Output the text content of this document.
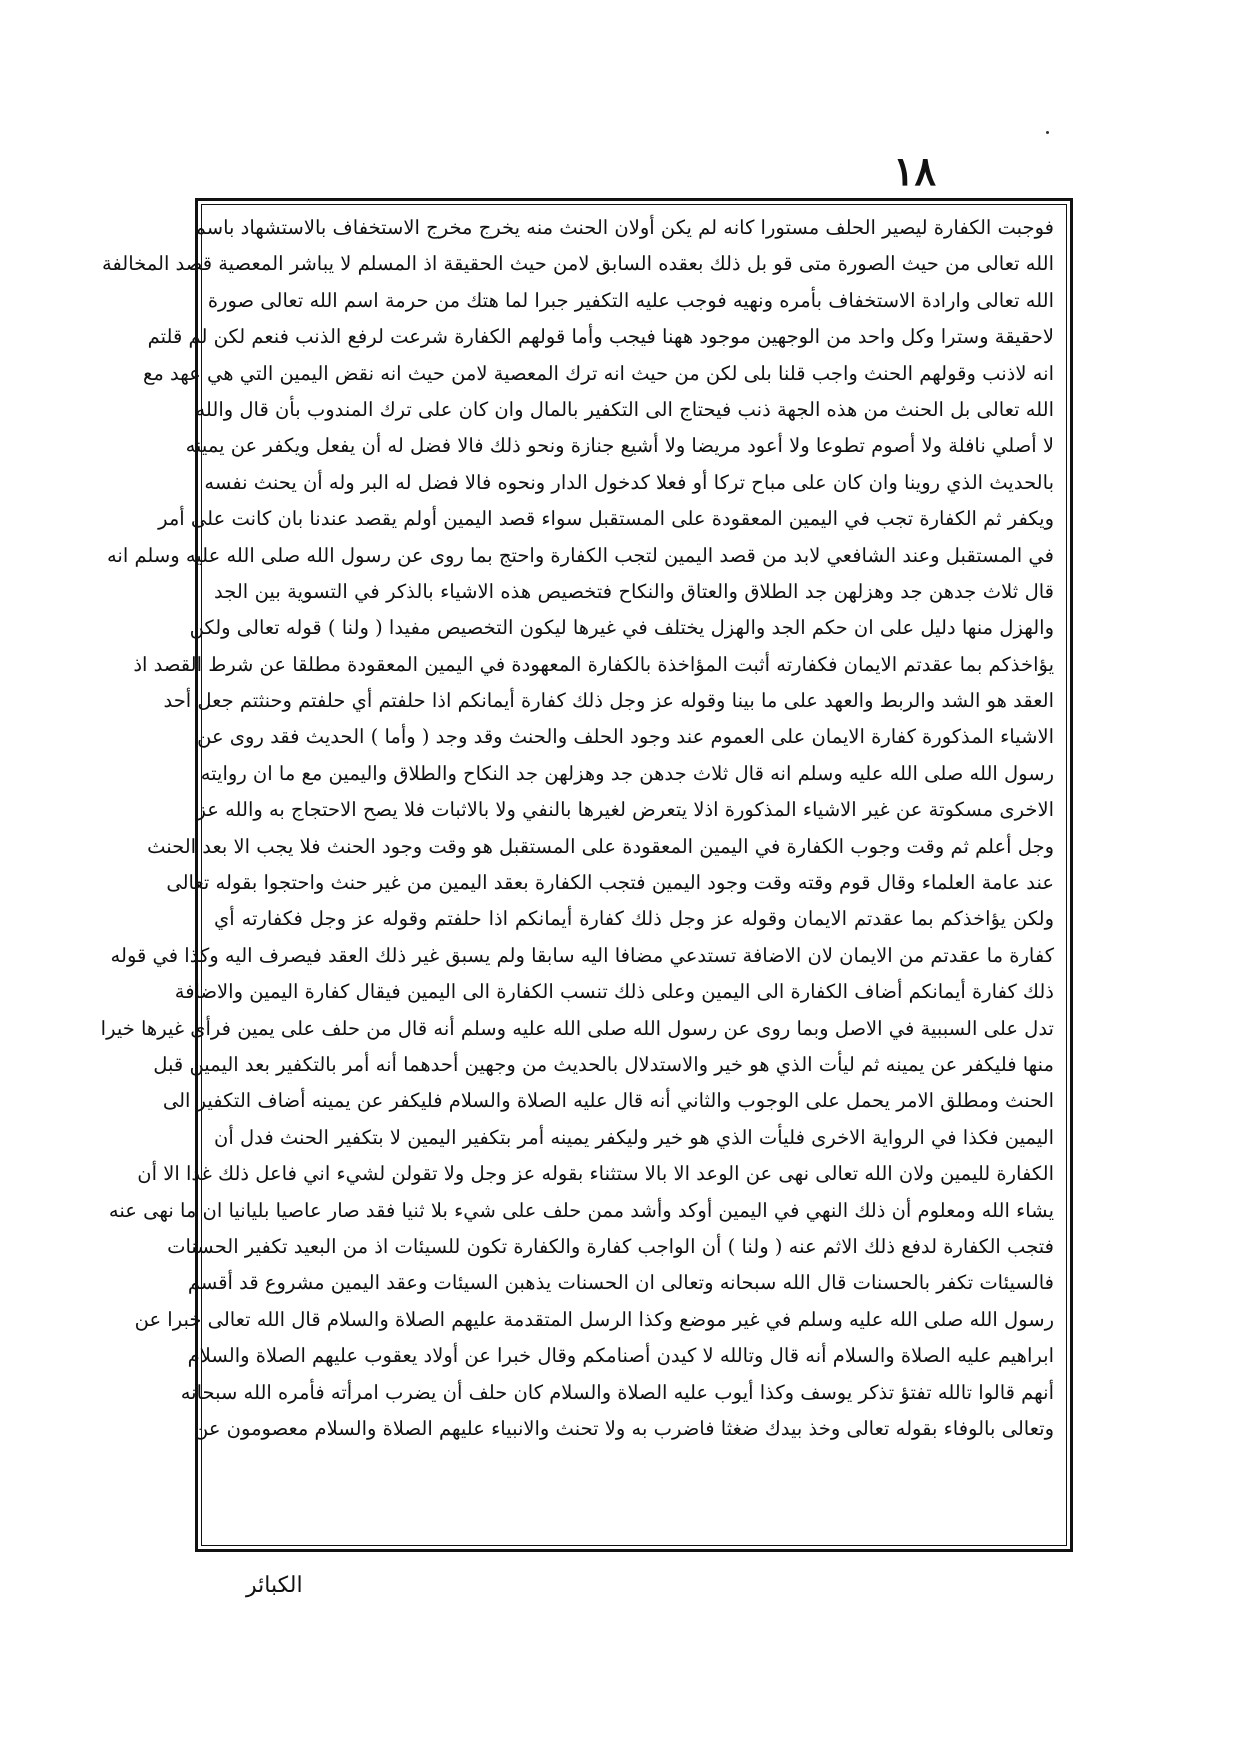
١٨
فوجبت الكفارة ليصير الحلف مستورا كانه لم يكن أولان الحنث منه يخرج مخرج الاستخفاف بالاستشهاد باسم
الله تعالى من حيث الصورة متى قو بل ذلك بعقده السابق لامن حيث الحقيقة اذ المسلم لا يباشر المعصية قصد المخالفة
الله تعالى وارادة الاستخفاف بأمره ونهيه فوجب عليه التكفير جبرا لما هتك من حرمة اسم الله تعالى صورة
لاحقيقة وسترا وكل واحد من الوجهين موجود ههنا فيجب وأما قولهم الكفارة شرعت لرفع الذنب فنعم لكن لم قلتم
انه لاذنب وقولهم الحنث واجب قلنا بلى لكن من حيث انه ترك المعصية لامن حيث انه نقض اليمين التي هي عهد مع
الله تعالى بل الحنث من هذه الجهة ذنب فيحتاج الى التكفير بالمال وان كان على ترك المندوب بأن قال والله
لا أصلي نافلة ولا أصوم تطوعا ولا أعود مريضا ولا أشيع جنازة ونحو ذلك فالا فضل له أن يفعل ويكفر عن يمينه
بالحديث الذي روينا وان كان على مباح تركا أو فعلا كدخول الدار ونحوه فالا فضل له البر وله أن يحنث نفسه
ويكفر ثم الكفارة تجب في اليمين المعقودة على المستقبل سواء قصد اليمين أولم يقصد عندنا بان كانت على أمر
في المستقبل وعند الشافعي لابد من قصد اليمين لتجب الكفارة واحتج بما روى عن رسول الله صلى الله عليه وسلم انه
قال ثلاث جدهن جد وهزلهن جد الطلاق والعتاق والنكاح فتخصيص هذه الاشياء بالذكر في التسوية بين الجد
والهزل منها دليل على ان حكم الجد والهزل يختلف في غيرها ليكون التخصيص مفيدا ( ولنا ) قوله تعالى ولكن
يؤاخذكم بما عقدتم الايمان فكفارته أثبت المؤاخذة بالكفارة المعهودة في اليمين المعقودة مطلقا عن شرط القصد اذ
العقد هو الشد والربط والعهد على ما بينا وقوله عز وجل ذلك كفارة أيمانكم اذا حلفتم أي حلفتم وحنثتم جعل أحد
الاشياء المذكورة كفارة الايمان على العموم عند وجود الحلف والحنث وقد وجد ( وأما ) الحديث فقد روى عن
رسول الله صلى الله عليه وسلم انه قال ثلاث جدهن جد وهزلهن جد النكاح والطلاق واليمين مع ما ان روايته
الاخرى مسكوتة عن غير الاشياء المذكورة اذلا يتعرض لغيرها بالنفي ولا بالاثبات فلا يصح الاحتجاج به والله عز
وجل أعلم ثم وقت وجوب الكفارة في اليمين المعقودة على المستقبل هو وقت وجود الحنث فلا يجب الا بعد الحنث
عند عامة العلماء وقال قوم وقته وقت وجود اليمين فتجب الكفارة بعقد اليمين من غير حنث واحتجوا بقوله تعالى
ولكن يؤاخذكم بما عقدتم الايمان وقوله عز وجل ذلك كفارة أيمانكم اذا حلفتم وقوله عز وجل فكفارته أي
كفارة ما عقدتم من الايمان لان الاضافة تستدعي مضافا اليه سابقا ولم يسبق غير ذلك العقد فيصرف اليه وكذا في قوله
ذلك كفارة أيمانكم أضاف الكفارة الى اليمين وعلى ذلك تنسب الكفارة الى اليمين فيقال كفارة اليمين والاضافة
تدل على السببية في الاصل وبما روى عن رسول الله صلى الله عليه وسلم أنه قال من حلف على يمين فرأى غيرها خيرا
منها فليكفر عن يمينه ثم ليأت الذي هو خير والاستدلال بالحديث من وجهين أحدهما أنه أمر بالتكفير بعد اليمين قبل
الحنث ومطلق الامر يحمل على الوجوب والثاني أنه قال عليه الصلاة والسلام فليكفر عن يمينه أضاف التكفير الى
اليمين فكذا في الرواية الاخرى فليأت الذي هو خير وليكفر يمينه أمر بتكفير اليمين لا بتكفير الحنث فدل أن
الكفارة لليمين ولان الله تعالى نهى عن الوعد الا بالا ستثناء بقوله عز وجل ولا تقولن لشيء اني فاعل ذلك غدا الا أن
يشاء الله ومعلوم أن ذلك النهي في اليمين أوكد وأشد ممن حلف على شيء بلا ثنيا فقد صار عاصيا بليانيا ان ما نهى عنه
فتجب الكفارة لدفع ذلك الاثم عنه ( ولنا ) أن الواجب كفارة والكفارة تكون للسيئات اذ من البعيد تكفير الحسنات
فالسيئات تكفر بالحسنات قال الله سبحانه وتعالى ان الحسنات يذهبن السيئات وعقد اليمين مشروع قد أقسم
رسول الله صلى الله عليه وسلم في غير موضع وكذا الرسل المتقدمة عليهم الصلاة والسلام قال الله تعالى خبرا عن
ابراهيم عليه الصلاة والسلام أنه قال وتالله لا كيدن أصنامكم وقال خبرا عن أولاد يعقوب عليهم الصلاة والسلام
أنهم قالوا تالله تفتؤ تذكر يوسف وكذا أيوب عليه الصلاة والسلام كان حلف أن يضرب امرأته فأمره الله سبحانه
وتعالى بالوفاء بقوله تعالى وخذ بيدك ضغثا فاضرب به ولا تحنث والانبياء عليهم الصلاة والسلام معصومون عن
الكبائر
